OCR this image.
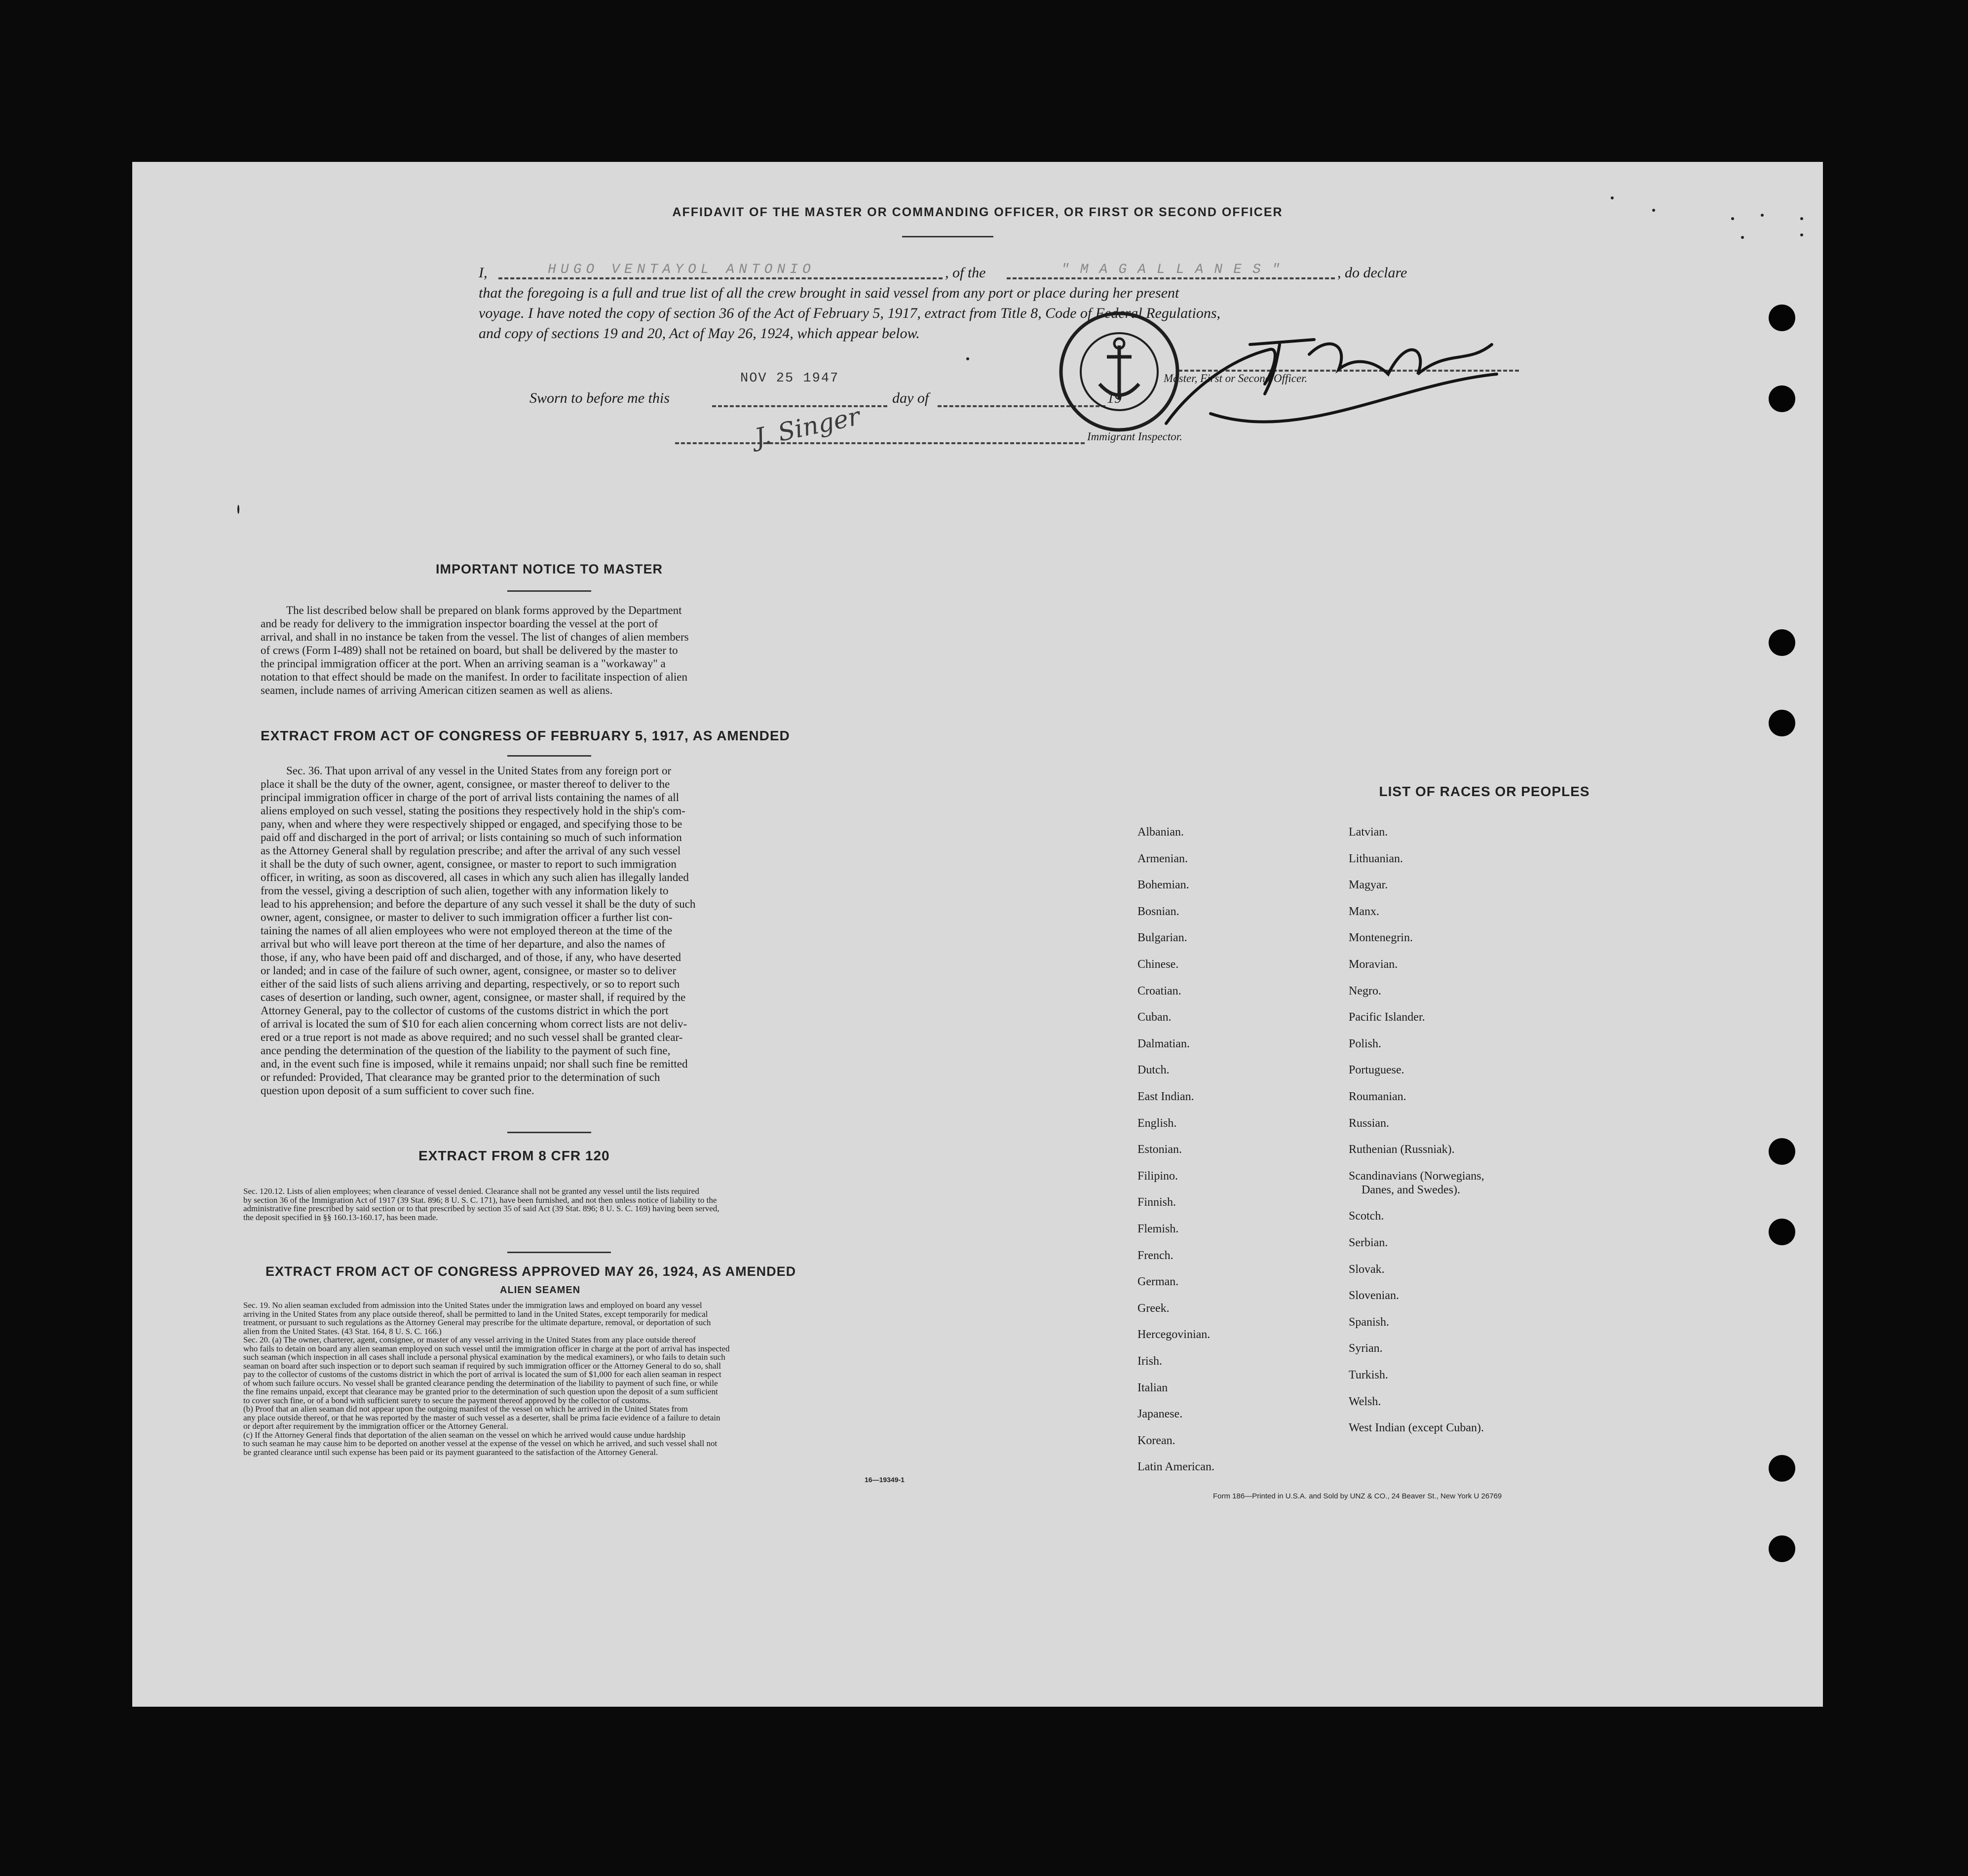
AFFIDAVIT OF THE MASTER OR COMMANDING OFFICER, OR FIRST OR SECOND OFFICER
I,	HUGO VENTAYOL ANTONIO	, of the	"MAGALLANES"	, do declare
that the foregoing is a full and true list of all the crew brought in said vessel from any port or place during her present
voyage. I have noted the copy of section 36 of the Act of February 5, 1917, extract from Title 8, Code of Federal Regulations,
and copy of sections 19 and 20, Act of May 26, 1924, which appear below.
Master, First or Second Officer.
Sworn to before me this
NOV 25 1947
day of	19
J. Singer	Immigrant Inspector.
IMPORTANT NOTICE TO MASTER
The list described below shall be prepared on blank forms approved by the Department
and be ready for delivery to the immigration inspector boarding the vessel at the port of
arrival, and shall in no instance be taken from the vessel. The list of changes of alien members
of crews (Form I-489) shall not be retained on board, but shall be delivered by the master to
the principal immigration officer at the port. When an arriving seaman is a "workaway" a
notation to that effect should be made on the manifest. In order to facilitate inspection of alien
seamen, include names of arriving American citizen seamen as well as aliens.
EXTRACT FROM ACT OF CONGRESS OF FEBRUARY 5, 1917, AS AMENDED
Sec. 36. That upon arrival of any vessel in the United States from any foreign port or
place it shall be the duty of the owner, agent, consignee, or master thereof to deliver to the
principal immigration officer in charge of the port of arrival lists containing the names of all
aliens employed on such vessel, stating the positions they respectively hold in the ship's com-
pany, when and where they were respectively shipped or engaged, and specifying those to be
paid off and discharged in the port of arrival; or lists containing so much of such information
as the Attorney General shall by regulation prescribe; and after the arrival of any such vessel
it shall be the duty of such owner, agent, consignee, or master to report to such immigration
officer, in writing, as soon as discovered, all cases in which any such alien has illegally landed
from the vessel, giving a description of such alien, together with any information likely to
lead to his apprehension; and before the departure of any such vessel it shall be the duty of such
owner, agent, consignee, or master to deliver to such immigration officer a further list con-
taining the names of all alien employees who were not employed thereon at the time of the
arrival but who will leave port thereon at the time of her departure, and also the names of
those, if any, who have been paid off and discharged, and of those, if any, who have deserted
or landed; and in case of the failure of such owner, agent, consignee, or master so to deliver
either of the said lists of such aliens arriving and departing, respectively, or so to report such
cases of desertion or landing, such owner, agent, consignee, or master shall, if required by the
Attorney General, pay to the collector of customs of the customs district in which the port
of arrival is located the sum of $10 for each alien concerning whom correct lists are not deliv-
ered or a true report is not made as above required; and no such vessel shall be granted clear-
ance pending the determination of the question of the liability to the payment of such fine,
and, in the event such fine is imposed, while it remains unpaid; nor shall such fine be remitted
or refunded: Provided, That clearance may be granted prior to the determination of such
question upon deposit of a sum sufficient to cover such fine.
EXTRACT FROM 8 CFR 120
Sec. 120.12. Lists of alien employees; when clearance of vessel denied. Clearance shall not be granted any vessel until the lists required
by section 36 of the Immigration Act of 1917 (39 Stat. 896; 8 U. S. C. 171), have been furnished, and not then unless notice of liability to the
administrative fine prescribed by said section or to that prescribed by section 35 of said Act (39 Stat. 896; 8 U. S. C. 169) having been served,
the deposit specified in §§ 160.13-160.17, has been made.
EXTRACT FROM ACT OF CONGRESS APPROVED MAY 26, 1924, AS AMENDED
ALIEN SEAMEN
Sec. 19. No alien seaman excluded from admission into the United States under the immigration laws and employed on board any vessel
arriving in the United States from any place outside thereof, shall be permitted to land in the United States, except temporarily for medical
treatment, or pursuant to such regulations as the Attorney General may prescribe for the ultimate departure, removal, or deportation of such
alien from the United States. (43 Stat. 164, 8 U. S. C. 166.)
Sec. 20. (a) The owner, charterer, agent, consignee, or master of any vessel arriving in the United States from any place outside thereof
who fails to detain on board any alien seaman employed on such vessel until the immigration officer in charge at the port of arrival has inspected
such seaman (which inspection in all cases shall include a personal physical examination by the medical examiners), or who fails to detain such
seaman on board after such inspection or to deport such seaman if required by such immigration officer or the Attorney General to do so, shall
pay to the collector of customs of the customs district in which the port of arrival is located the sum of $1,000 for each alien seaman in respect
of whom such failure occurs. No vessel shall be granted clearance pending the determination of the liability to payment of such fine, or while
the fine remains unpaid, except that clearance may be granted prior to the determination of such question upon the deposit of a sum sufficient
to cover such fine, or of a bond with sufficient surety to secure the payment thereof approved by the collector of customs.
(b) Proof that an alien seaman did not appear upon the outgoing manifest of the vessel on which he arrived in the United States from
any place outside thereof, or that he was reported by the master of such vessel as a deserter, shall be prima facie evidence of a failure to detain
or deport after requirement by the immigration officer or the Attorney General.
(c) If the Attorney General finds that deportation of the alien seaman on the vessel on which he arrived would cause undue hardship
to such seaman he may cause him to be deported on another vessel at the expense of the vessel on which he arrived, and such vessel shall not
be granted clearance until such expense has been paid or its payment guaranteed to the satisfaction of the Attorney General.
16—19349-1
LIST OF RACES OR PEOPLES
Albanian.
Armenian.
Bohemian.
Bosnian.
Bulgarian.
Chinese.
Croatian.
Cuban.
Dalmatian.
Dutch.
East Indian.
English.
Estonian.
Filipino.
Finnish.
Flemish.
French.
German.
Greek.
Hercegovinian.
Irish.
Italian
Japanese.
Korean.
Latin American.
Latvian.
Lithuanian.
Magyar.
Manx.
Montenegrin.
Moravian.
Negro.
Pacific Islander.
Polish.
Portuguese.
Roumanian.
Russian.
Ruthenian (Russniak).
Scandinavians (Norwegians,
Danes, and Swedes).
Scotch.
Serbian.
Slovak.
Slovenian.
Spanish.
Syrian.
Turkish.
Welsh.
West Indian (except Cuban).
Form 186—Printed in U.S.A. and Sold by UNZ & CO., 24 Beaver St., New York U 26769
